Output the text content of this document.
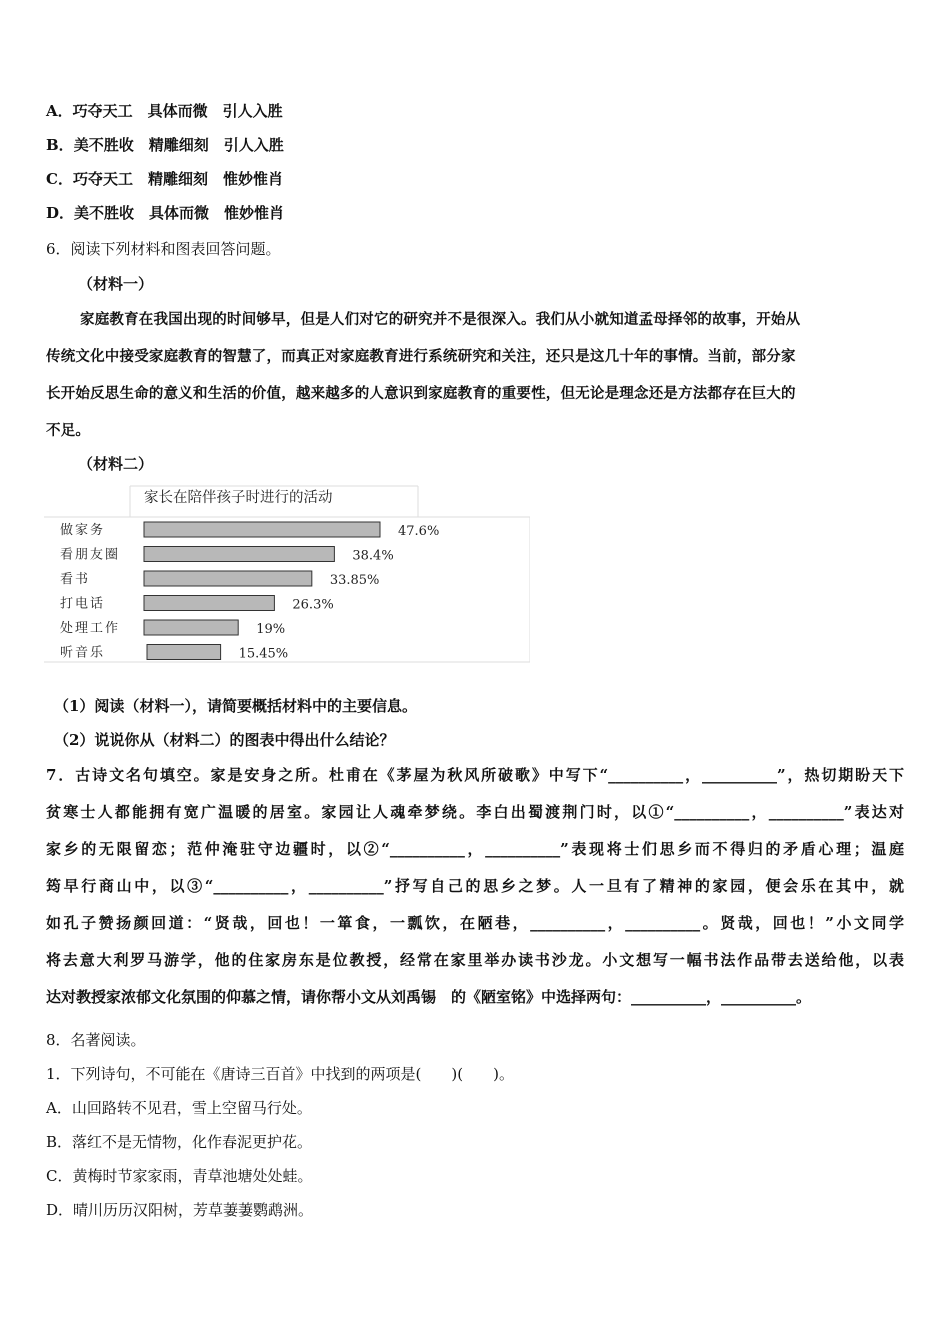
A．巧夺天工　具体而微　引人入胜
B．美不胜收　精雕细刻　引人入胜
C．巧夺天工　精雕细刻　惟妙惟肖
D．美不胜收　具体而微　惟妙惟肖
6．阅读下列材料和图表回答问题。
（材料一）
家庭教育在我国出现的时间够早，但是人们对它的研究并不是很深入。我们从小就知道孟母择邻的故事，开始从
传统文化中接受家庭教育的智慧了，而真正对家庭教育进行系统研究和关注，还只是这几十年的事情。当前，部分家
长开始反思生命的意义和生活的价值，越来越多的人意识到家庭教育的重要性，但无论是理念还是方法都存在巨大的
不足。
（材料二）
家长在陪伴孩子时进行的活动
做家务	47.6%
看朋友圈	38.4%
看书	33.85%
打电话	26.3%
处理工作	19%
听音乐	15.45%
（1）阅读（材料一），请简要概括材料中的主要信息。
（2）说说你从（材料二）的图表中得出什么结论？
7．古诗文名句填空。家是安身之所。杜甫在《茅屋为秋风所破歌》中写下“__________，__________”，热切期盼天下
贫寒士人都能拥有宽广温暖的居室。家园让人魂牵梦绕。李白出蜀渡荆门时，以①“__________，__________”表达对
家乡的无限留恋；范仲淹驻守边疆时，以②“__________，__________”表现将士们思乡而不得归的矛盾心理；温庭
筠早行商山中，以③“__________，__________”抒写自己的思乡之梦。人一旦有了精神的家园，便会乐在其中，就
如孔子赞扬颜回道：“贤哉，回也！一箪食，一瓢饮，在陋巷，__________，__________。贤哉，回也！”小文同学
将去意大利罗马游学，他的住家房东是位教授，经常在家里举办读书沙龙。小文想写一幅书法作品带去送给他，以表
达对教授家浓郁文化氛围的仰慕之情，请你帮小文从刘禹锡　的《陋室铭》中选择两句：__________，__________。
8．名著阅读。
1．下列诗句，不可能在《唐诗三百首》中找到的两项是(　　)(　　)。
A．山回路转不见君，雪上空留马行处。
B．落红不是无情物，化作春泥更护花。
C．黄梅时节家家雨，青草池塘处处蛙。
D．晴川历历汉阳树，芳草萋萋鹦鹉洲。
